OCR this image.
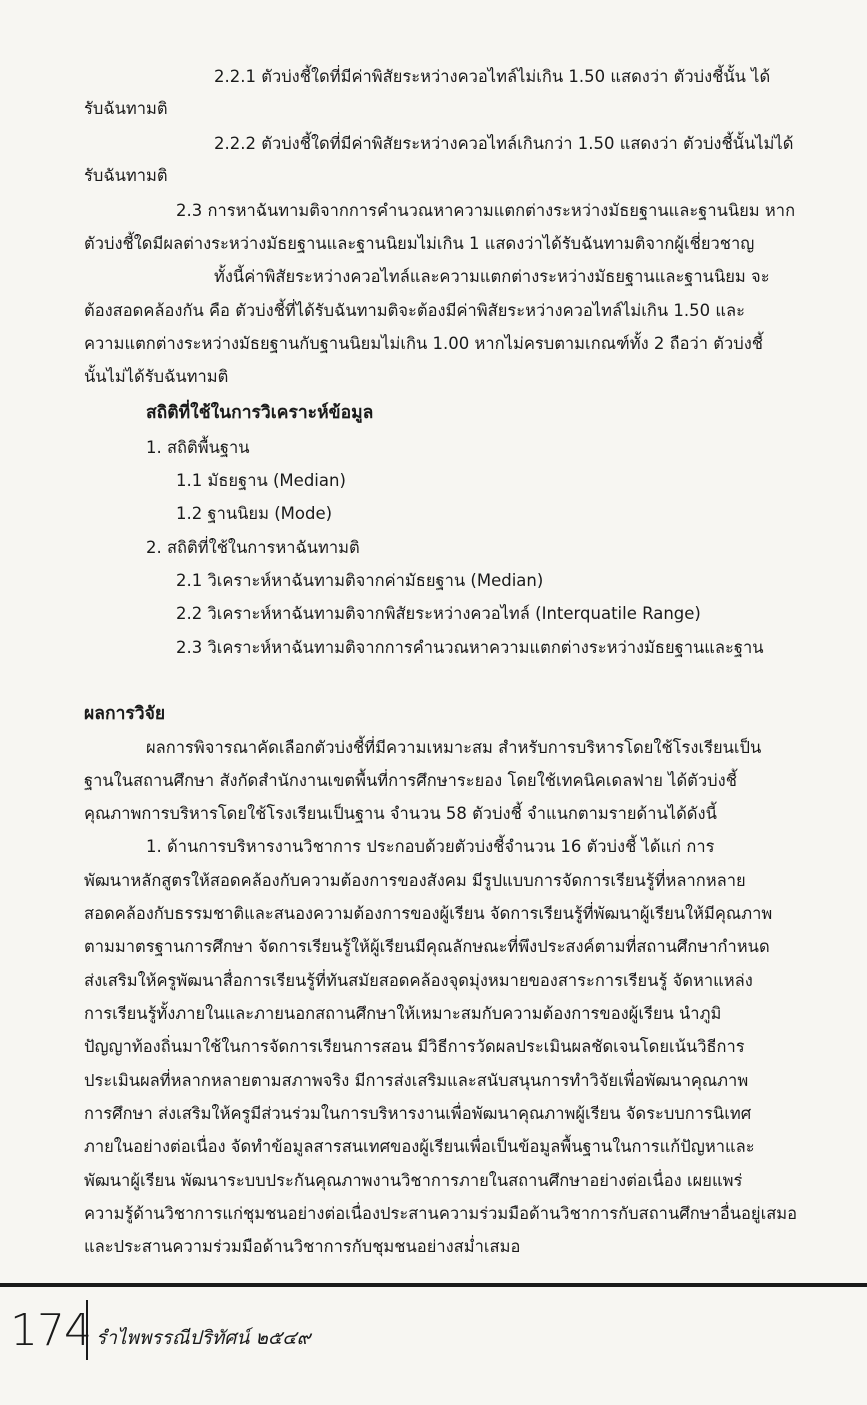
2.2.1 ตัวบ่งชี้ใดที่มีค่าพิสัยระหว่างควอไทล์ไม่เกิน 1.50 แสดงว่า ตัวบ่งชี้นั้น ได้
รับฉันทามติ
2.2.2 ตัวบ่งชี้ใดที่มีค่าพิสัยระหว่างควอไทล์เกินกว่า 1.50 แสดงว่า ตัวบ่งชี้นั้นไม่ได้
รับฉันทามติ
2.3 การหาฉันทามติจากการคำนวณหาความแตกต่างระหว่างมัธยฐานและฐานนิยม หาก
ตัวบ่งชี้ใดมีผลต่างระหว่างมัธยฐานและฐานนิยมไม่เกิน 1 แสดงว่าได้รับฉันทามติจากผู้เชี่ยวชาญ
ทั้งนี้ค่าพิสัยระหว่างควอไทล์และความแตกต่างระหว่างมัธยฐานและฐานนิยม จะ
ต้องสอดคล้องกัน คือ ตัวบ่งชี้ที่ได้รับฉันทามติจะต้องมีค่าพิสัยระหว่างควอไทล์ไม่เกิน 1.50 และ
ความแตกต่างระหว่างมัธยฐานกับฐานนิยมไม่เกิน 1.00 หากไม่ครบตามเกณฑ์ทั้ง 2 ถือว่า ตัวบ่งชี้
นั้นไม่ได้รับฉันทามติ
สถิติที่ใช้ในการวิเคราะห์ข้อมูล
1. สถิติพื้นฐาน
1.1 มัธยฐาน (Median)
1.2 ฐานนิยม (Mode)
2. สถิติที่ใช้ในการหาฉันทามติ
2.1 วิเคราะห์หาฉันทามติจากค่ามัธยฐาน (Median)
2.2 วิเคราะห์หาฉันทามติจากพิสัยระหว่างควอไทล์ (Interquatile Range)
2.3 วิเคราะห์หาฉันทามติจากการคำนวณหาความแตกต่างระหว่างมัธยฐานและฐาน
ผลการวิจัย
ผลการพิจารณาคัดเลือกตัวบ่งชี้ที่มีความเหมาะสม สำหรับการบริหารโดยใช้โรงเรียนเป็น
ฐานในสถานศึกษา สังกัดสำนักงานเขตพื้นที่การศึกษาระยอง โดยใช้เทคนิคเดลฟาย ได้ตัวบ่งชี้
คุณภาพการบริหารโดยใช้โรงเรียนเป็นฐาน จำนวน 58 ตัวบ่งชี้ จำแนกตามรายด้านได้ดังนี้
1. ด้านการบริหารงานวิชาการ ประกอบด้วยตัวบ่งชี้จำนวน 16 ตัวบ่งชี้ ได้แก่ การ
พัฒนาหลักสูตรให้สอดคล้องกับความต้องการของสังคม มีรูปแบบการจัดการเรียนรู้ที่หลากหลาย
สอดคล้องกับธรรมชาติและสนองความต้องการของผู้เรียน จัดการเรียนรู้ที่พัฒนาผู้เรียนให้มีคุณภาพ
ตามมาตรฐานการศึกษา จัดการเรียนรู้ให้ผู้เรียนมีคุณลักษณะที่พึงประสงค์ตามที่สถานศึกษากำหนด
ส่งเสริมให้ครูพัฒนาสื่อการเรียนรู้ที่ทันสมัยสอดคล้องจุดมุ่งหมายของสาระการเรียนรู้ จัดหาแหล่ง
การเรียนรู้ทั้งภายในและภายนอกสถานศึกษาให้เหมาะสมกับความต้องการของผู้เรียน นำภูมิ
ปัญญาท้องถิ่นมาใช้ในการจัดการเรียนการสอน มีวิธีการวัดผลประเมินผลชัดเจนโดยเน้นวิธีการ
ประเมินผลที่หลากหลายตามสภาพจริง มีการส่งเสริมและสนับสนุนการทำวิจัยเพื่อพัฒนาคุณภาพ
การศึกษา ส่งเสริมให้ครูมีส่วนร่วมในการบริหารงานเพื่อพัฒนาคุณภาพผู้เรียน จัดระบบการนิเทศ
ภายในอย่างต่อเนื่อง จัดทำข้อมูลสารสนเทศของผู้เรียนเพื่อเป็นข้อมูลพื้นฐานในการแก้ปัญหาและ
พัฒนาผู้เรียน พัฒนาระบบประกันคุณภาพงานวิชาการภายในสถานศึกษาอย่างต่อเนื่อง เผยแพร่
ความรู้ด้านวิชาการแก่ชุมชนอย่างต่อเนื่องประสานความร่วมมือด้านวิชาการกับสถานศึกษาอื่นอยู่เสมอ
และประสานความร่วมมือด้านวิชาการกับชุมชนอย่างสม่ำเสมอ
174 รำไพพรรณีปริทัศน์ ๒๕๔๙
